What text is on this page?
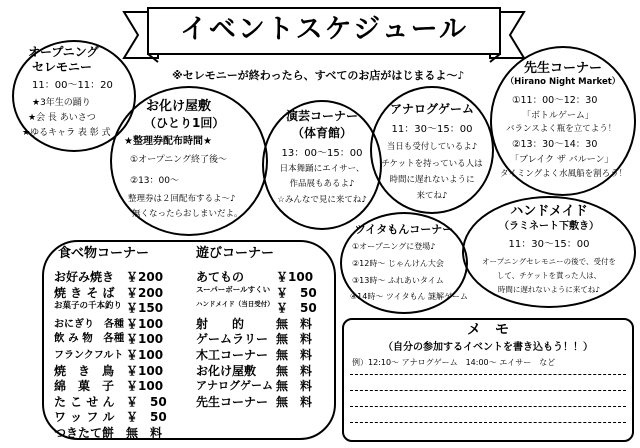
イベントスケジュール
※セレモニーが終わったら、すべてのお店がはじまるよ～♪
オープニング
セレモニー
11：00～11：20
★3年生の踊り
★会 長 あいさつ
★ゆるキャラ 表 彰 式
お化け屋敷
（ひとり1回）
★整理券配布時間★
①オープニング終了後～
②13：00～
整理券は２回配布するよ～♪
無くなったらおしまいだよ。
演芸コーナー
（体育館）
13：00～15：00
日本舞踊にエイサー、
作品展もあるよ♪
☆みんなで見に来てね♪
アナログゲーム
11：30～15：00
当日も受付しているよ♪
チケットを持っている人は
時間に遅れないように
来てね♪
先生コーナー
（Hirano Night Market）
①11：00～12：30
「ボトルゲーム」
バランスよく瓶を立てよう！
②13：30～14：30
「ブレイク ザ バルーン」
タイミングよく水風船を割ろう！
ツイタもんコーナー
①オープニングに登場♪
②12時～ じゃんけん大会
③13時～ ふれあいタイム
④14時～ ツイタもん 謎解ゲーム
ハンドメイド
（ラミネート下敷き）
11：30～15：00
オープニングセレモニーの後で、受付を
して、チケットを貰った人は、
時間に遅れないように来てね♪
食べ物コーナー	遊びコーナー
お好み焼き ￥200
焼 き そ ば ￥200
お菓子の千本釣り ￥150
おにぎり　各種 ￥100
飲 み 物　各種 ￥100
フランクフルト ￥100
焼　き　鳥 ￥100
綿　菓　子 ￥100
た こ せ ん ￥　50
ワ ッ フ ル ￥　50
つきたて餅 無　料
あてもの	￥100
スーパーボールすくい ￥　50
ハンドメイド（当日受付） ￥　50
射　　的	無　料
ゲームラリー 無　料
木工コーナー 無　料
お化け屋敷 無　料
アナログゲーム 無　料
先生コーナー 無　料
メ　モ
（自分の参加するイベントを書き込もう！！）
例）12:10～ アナログゲーム　14:00～ エイサー　など
